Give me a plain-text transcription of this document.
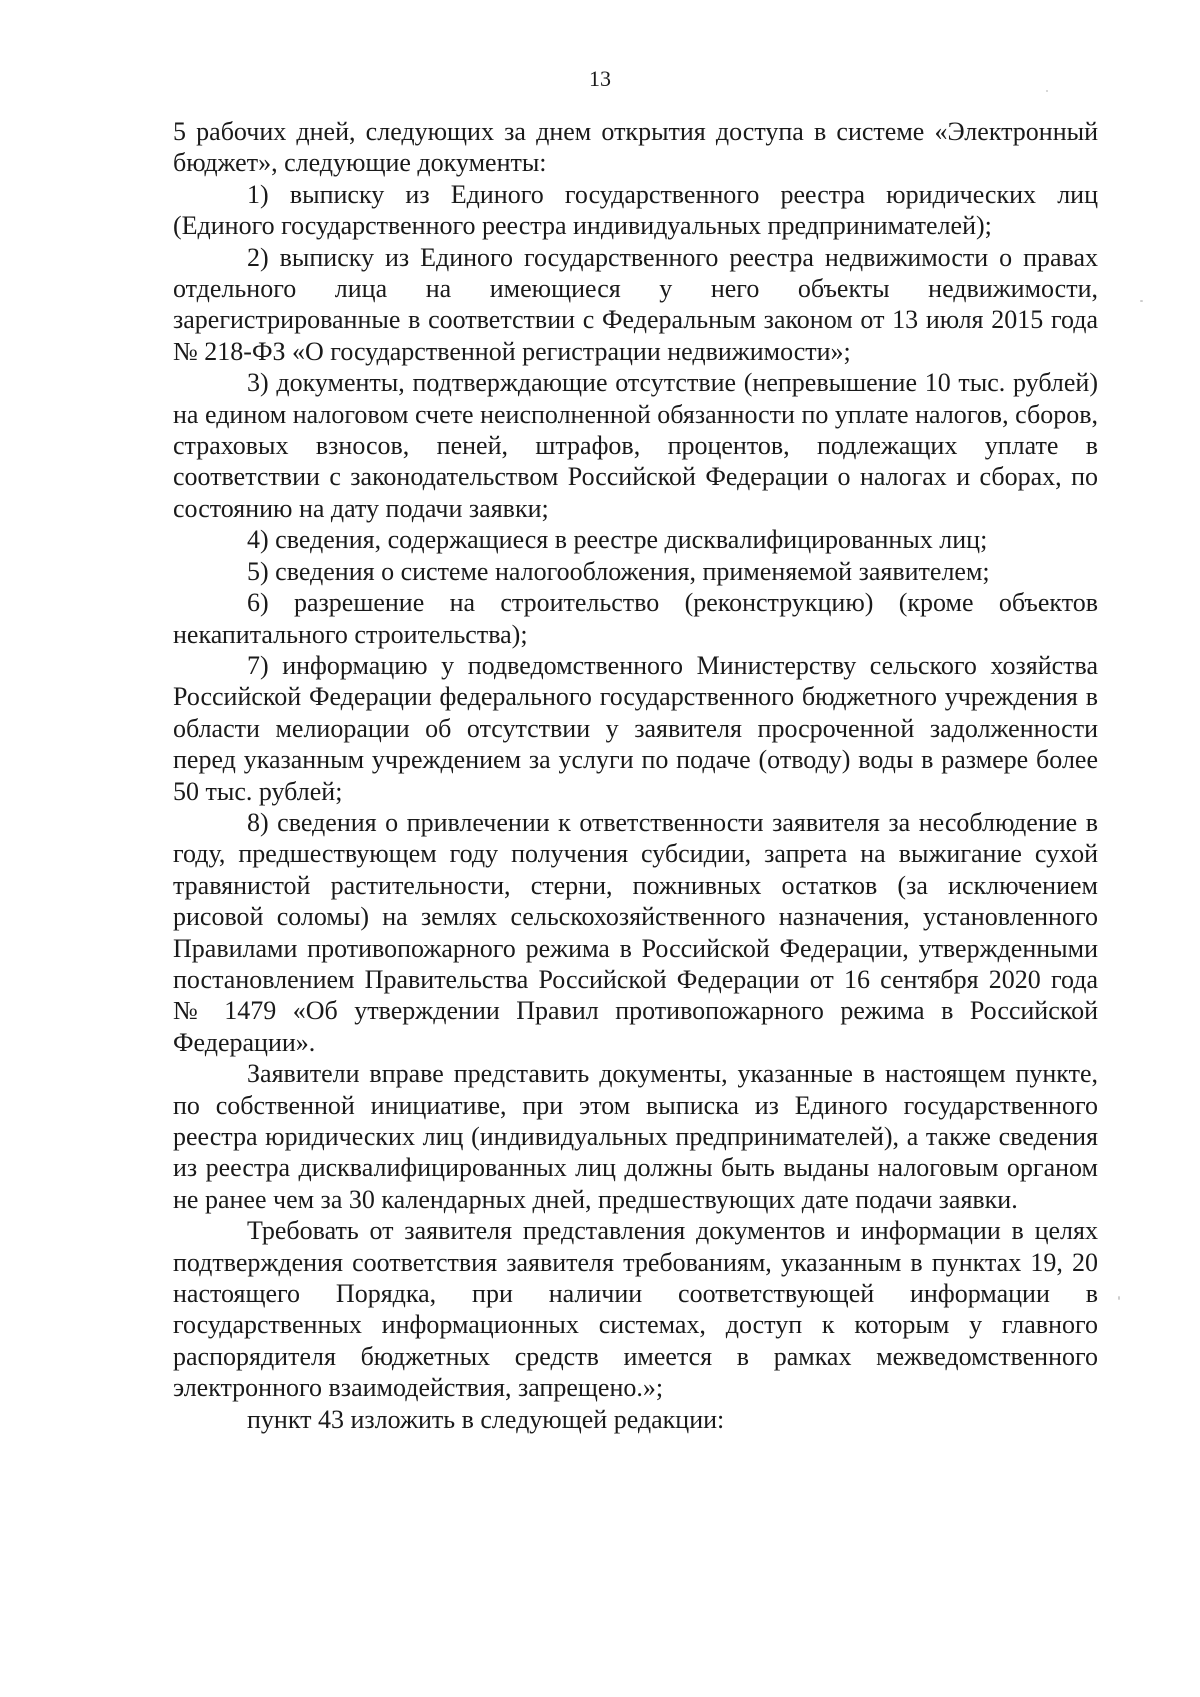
13

5 рабочих дней, следующих за днем открытия доступа в системе «Электронный бюджет», следующие документы:

1) выписку из Единого государственного реестра юридических лиц (Единого государственного реестра индивидуальных предпринимателей);

2) выписку из Единого государственного реестра недвижимости о правах отдельного лица на имеющиеся у него объекты недвижимости, зарегистрированные в соответствии с Федеральным законом от 13 июля 2015 года № 218-ФЗ «О государственной регистрации недвижимости»;

3) документы, подтверждающие отсутствие (непревышение 10 тыс. рублей) на едином налоговом счете неисполненной обязанности по уплате налогов, сборов, страховых взносов, пеней, штрафов, процентов, подлежащих уплате в соответствии с законодательством Российской Федерации о налогах и сборах, по состоянию на дату подачи заявки;

4) сведения, содержащиеся в реестре дисквалифицированных лиц;

5) сведения о системе налогообложения, применяемой заявителем;

6) разрешение на строительство (реконструкцию) (кроме объектов некапитального строительства);

7) информацию у подведомственного Министерству сельского хозяйства Российской Федерации федерального государственного бюджетного учреждения в области мелиорации об отсутствии у заявителя просроченной задолженности перед указанным учреждением за услуги по подаче (отводу) воды в размере более 50 тыс. рублей;

8) сведения о привлечении к ответственности заявителя за несоблюдение в году, предшествующем году получения субсидии, запрета на выжигание сухой травянистой растительности, стерни, пожнивных остатков (за исключением рисовой соломы) на землях сельскохозяйственного назначения, установленного Правилами противопожарного режима в Российской Федерации, утвержденными постановлением Правительства Российской Федерации от 16 сентября 2020 года № 1479 «Об утверждении Правил противопожарного режима в Российской Федерации».

Заявители вправе представить документы, указанные в настоящем пункте, по собственной инициативе, при этом выписка из Единого государственного реестра юридических лиц (индивидуальных предпринимателей), а также сведения из реестра дисквалифицированных лиц должны быть выданы налоговым органом не ранее чем за 30 календарных дней, предшествующих дате подачи заявки.

Требовать от заявителя представления документов и информации в целях подтверждения соответствия заявителя требованиям, указанным в пунктах 19, 20 настоящего Порядка, при наличии соответствующей информации в государственных информационных системах, доступ к которым у главного распорядителя бюджетных средств имеется в рамках межведомственного электронного взаимодействия, запрещено.»;

пункт 43 изложить в следующей редакции:
